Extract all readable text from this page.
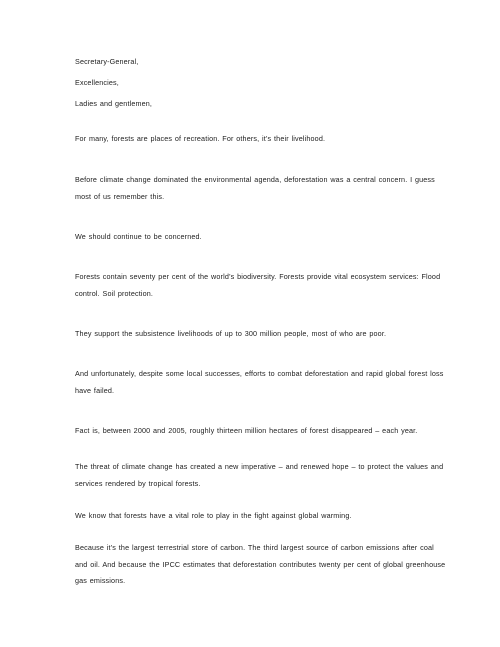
Secretary-General,

Excellencies,

Ladies and gentlemen,

For many, forests are places of recreation. For others, it’s their livelihood.

Before climate change dominated the environmental agenda, deforestation was a central concern. I guess most of us remember this.

We should continue to be concerned.

Forests contain seventy per cent of the world’s biodiversity. Forests provide vital ecosystem services: Flood control. Soil protection.

They support the subsistence livelihoods of up to 300 million people, most of who are poor.

And unfortunately, despite some local successes, efforts to combat deforestation and rapid global forest loss have failed.

Fact is, between 2000 and 2005, roughly thirteen million hectares of forest disappeared – each year.

The threat of climate change has created a new imperative – and renewed hope – to protect the values and services rendered by tropical forests.

We know that forests have a vital role to play in the fight against global warming.

Because it’s the largest terrestrial store of carbon. The third largest source of carbon emissions after coal and oil. And because the IPCC estimates that deforestation contributes twenty per cent of global greenhouse gas emissions.
